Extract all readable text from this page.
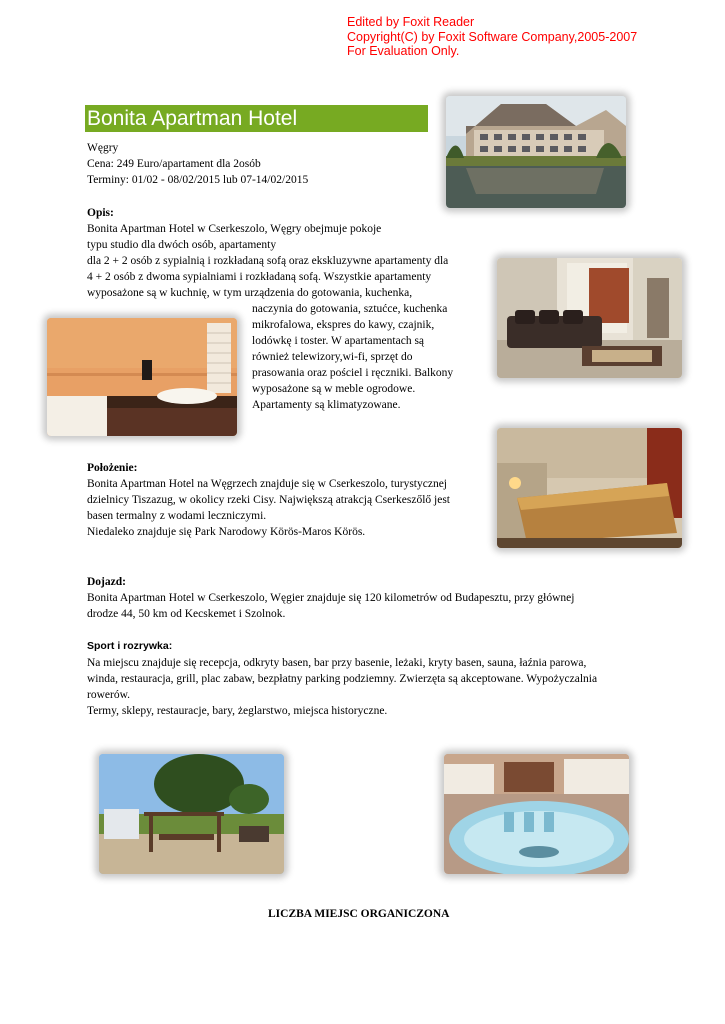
Edited by Foxit Reader
Copyright(C) by Foxit Software Company,2005-2007
For Evaluation Only.
Bonita Apartman Hotel
Węgry
Cena: 249 Euro/apartament dla 2osób
Terminy: 01/02 - 08/02/2015 lub 07-14/02/2015
Opis:
Bonita Apartman Hotel w Cserkeszolo, Węgry obejmuje pokoje
typu studio dla dwóch osób, apartamenty
dla 2 + 2 osób z sypialnią i rozkładaną sofą oraz ekskluzywne apartamenty dla
4 + 2 osób z dwoma sypialniami i rozkładaną sofą. Wszystkie apartamenty
wyposażone są w kuchnię, w tym urządzenia do gotowania, kuchenka,
naczynia do gotowania, sztućce, kuchenka
mikrofalowa, ekspres do kawy, czajnik,
lodówkę i toster. W apartamentach są
również telewizory,wi-fi, sprzęt do
prasowania oraz pościel i ręczniki. Balkony
wyposażone są w meble ogrodowe.
Apartamenty są klimatyzowane.
Położenie:
Bonita Apartman Hotel na Węgrzech znajduje się w Cserkeszolo, turystycznej
dzielnicy Tiszazug, w okolicy rzeki Cisy. Największą atrakcją Cserkeszőlő jest
basen termalny z wodami leczniczymi.
Niedaleko znajduje się Park Narodowy Körös-Maros Körös.
Dojazd:
Bonita Apartman Hotel w Cserkeszolo, Węgier znajduje się 120 kilometrów od Budapesztu, przy głównej
drodze 44, 50 km od Kecskemet i Szolnok.
Sport i rozrywka:
Na miejscu znajduje się recepcja, odkryty basen, bar przy basenie, leżaki, kryty basen, sauna, łaźnia parowa,
winda, restauracja, grill, plac zabaw, bezpłatny parking podziemny. Zwierzęta są akceptowane. Wypożyczalnia
rowerów.
Termy, sklepy, restauracje, bary, żeglarstwo, miejsca historyczne.
LICZBA MIEJSC ORGANICZONA
